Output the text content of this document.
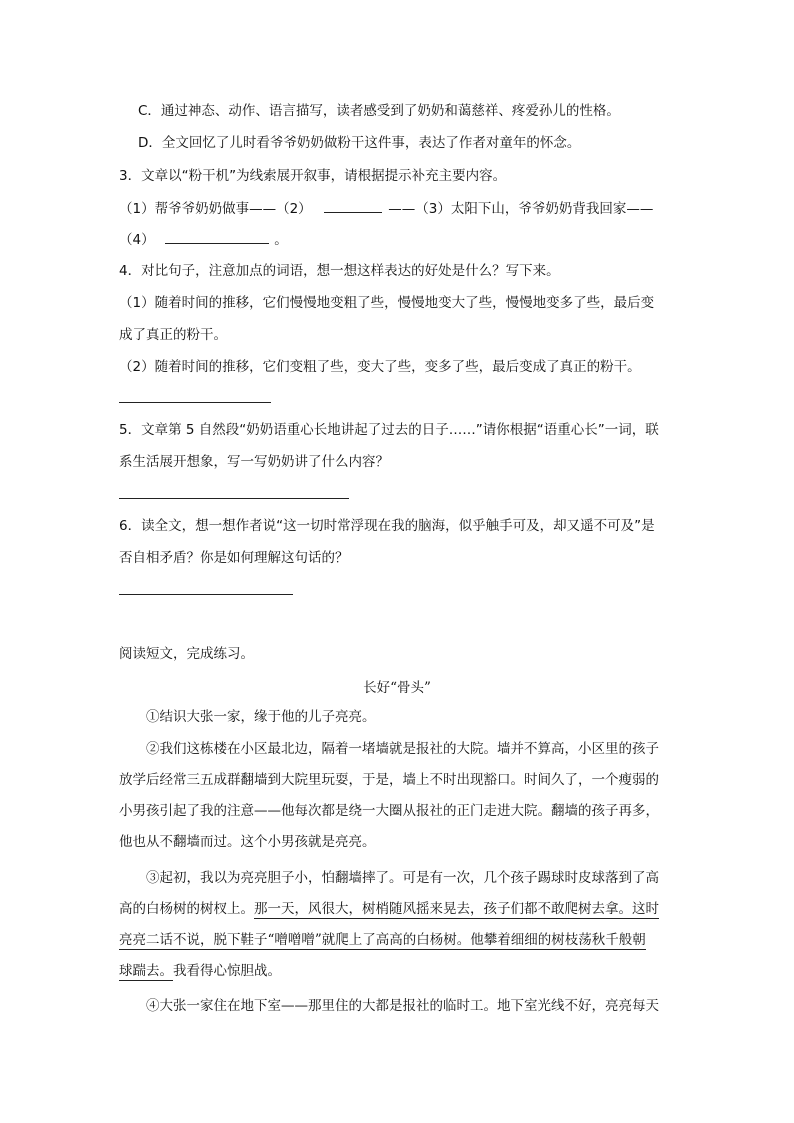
C．通过神态、动作、语言描写，读者感受到了奶奶和蔼慈祥、疼爱孙儿的性格。
D．全文回忆了儿时看爷爷奶奶做粉干这件事，表达了作者对童年的怀念。
3．文章以“粉干机”为线索展开叙事，请根据提示补充主要内容。
（1）帮爷爷奶奶做事——（2）	——（3）太阳下山，爷爷奶奶背我回家——
（4）	。
4．对比句子，注意加点的词语，想一想这样表达的好处是什么？写下来。
（1）随着时间的推移，它们慢慢地变粗了些，慢慢地变大了些，慢慢地变多了些，最后变
成了真正的粉干。
（2）随着时间的推移，它们变粗了些，变大了些，变多了些，最后变成了真正的粉干。
5．文章第 5 自然段“奶奶语重心长地讲起了过去的日子……”请你根据“语重心长”一词，联
系生活展开想象，写一写奶奶讲了什么内容？
6．读全文，想一想作者说“这一切时常浮现在我的脑海，似乎触手可及，却又遥不可及”是
否自相矛盾？你是如何理解这句话的？
阅读短文，完成练习。
长好“骨头”
①结识大张一家，缘于他的儿子亮亮。
②我们这栋楼在小区最北边，隔着一堵墙就是报社的大院。墙并不算高，小区里的孩子
放学后经常三五成群翻墙到大院里玩耍，于是，墙上不时出现豁口。时间久了，一个瘦弱的
小男孩引起了我的注意——他每次都是绕一大圈从报社的正门走进大院。翻墙的孩子再多，
他也从不翻墙而过。这个小男孩就是亮亮。
③起初，我以为亮亮胆子小，怕翻墙摔了。可是有一次，几个孩子踢球时皮球落到了高
高的白杨树的树杈上。那一天，风很大，树梢随风摇来晃去，孩子们都不敢爬树去拿。这时
亮亮二话不说，脱下鞋子“噌噌噌”就爬上了高高的白杨树。他攀着细细的树枝荡秋千般朝
球踹去。我看得心惊胆战。
④大张一家住在地下室——那里住的大都是报社的临时工。地下室光线不好，亮亮每天
